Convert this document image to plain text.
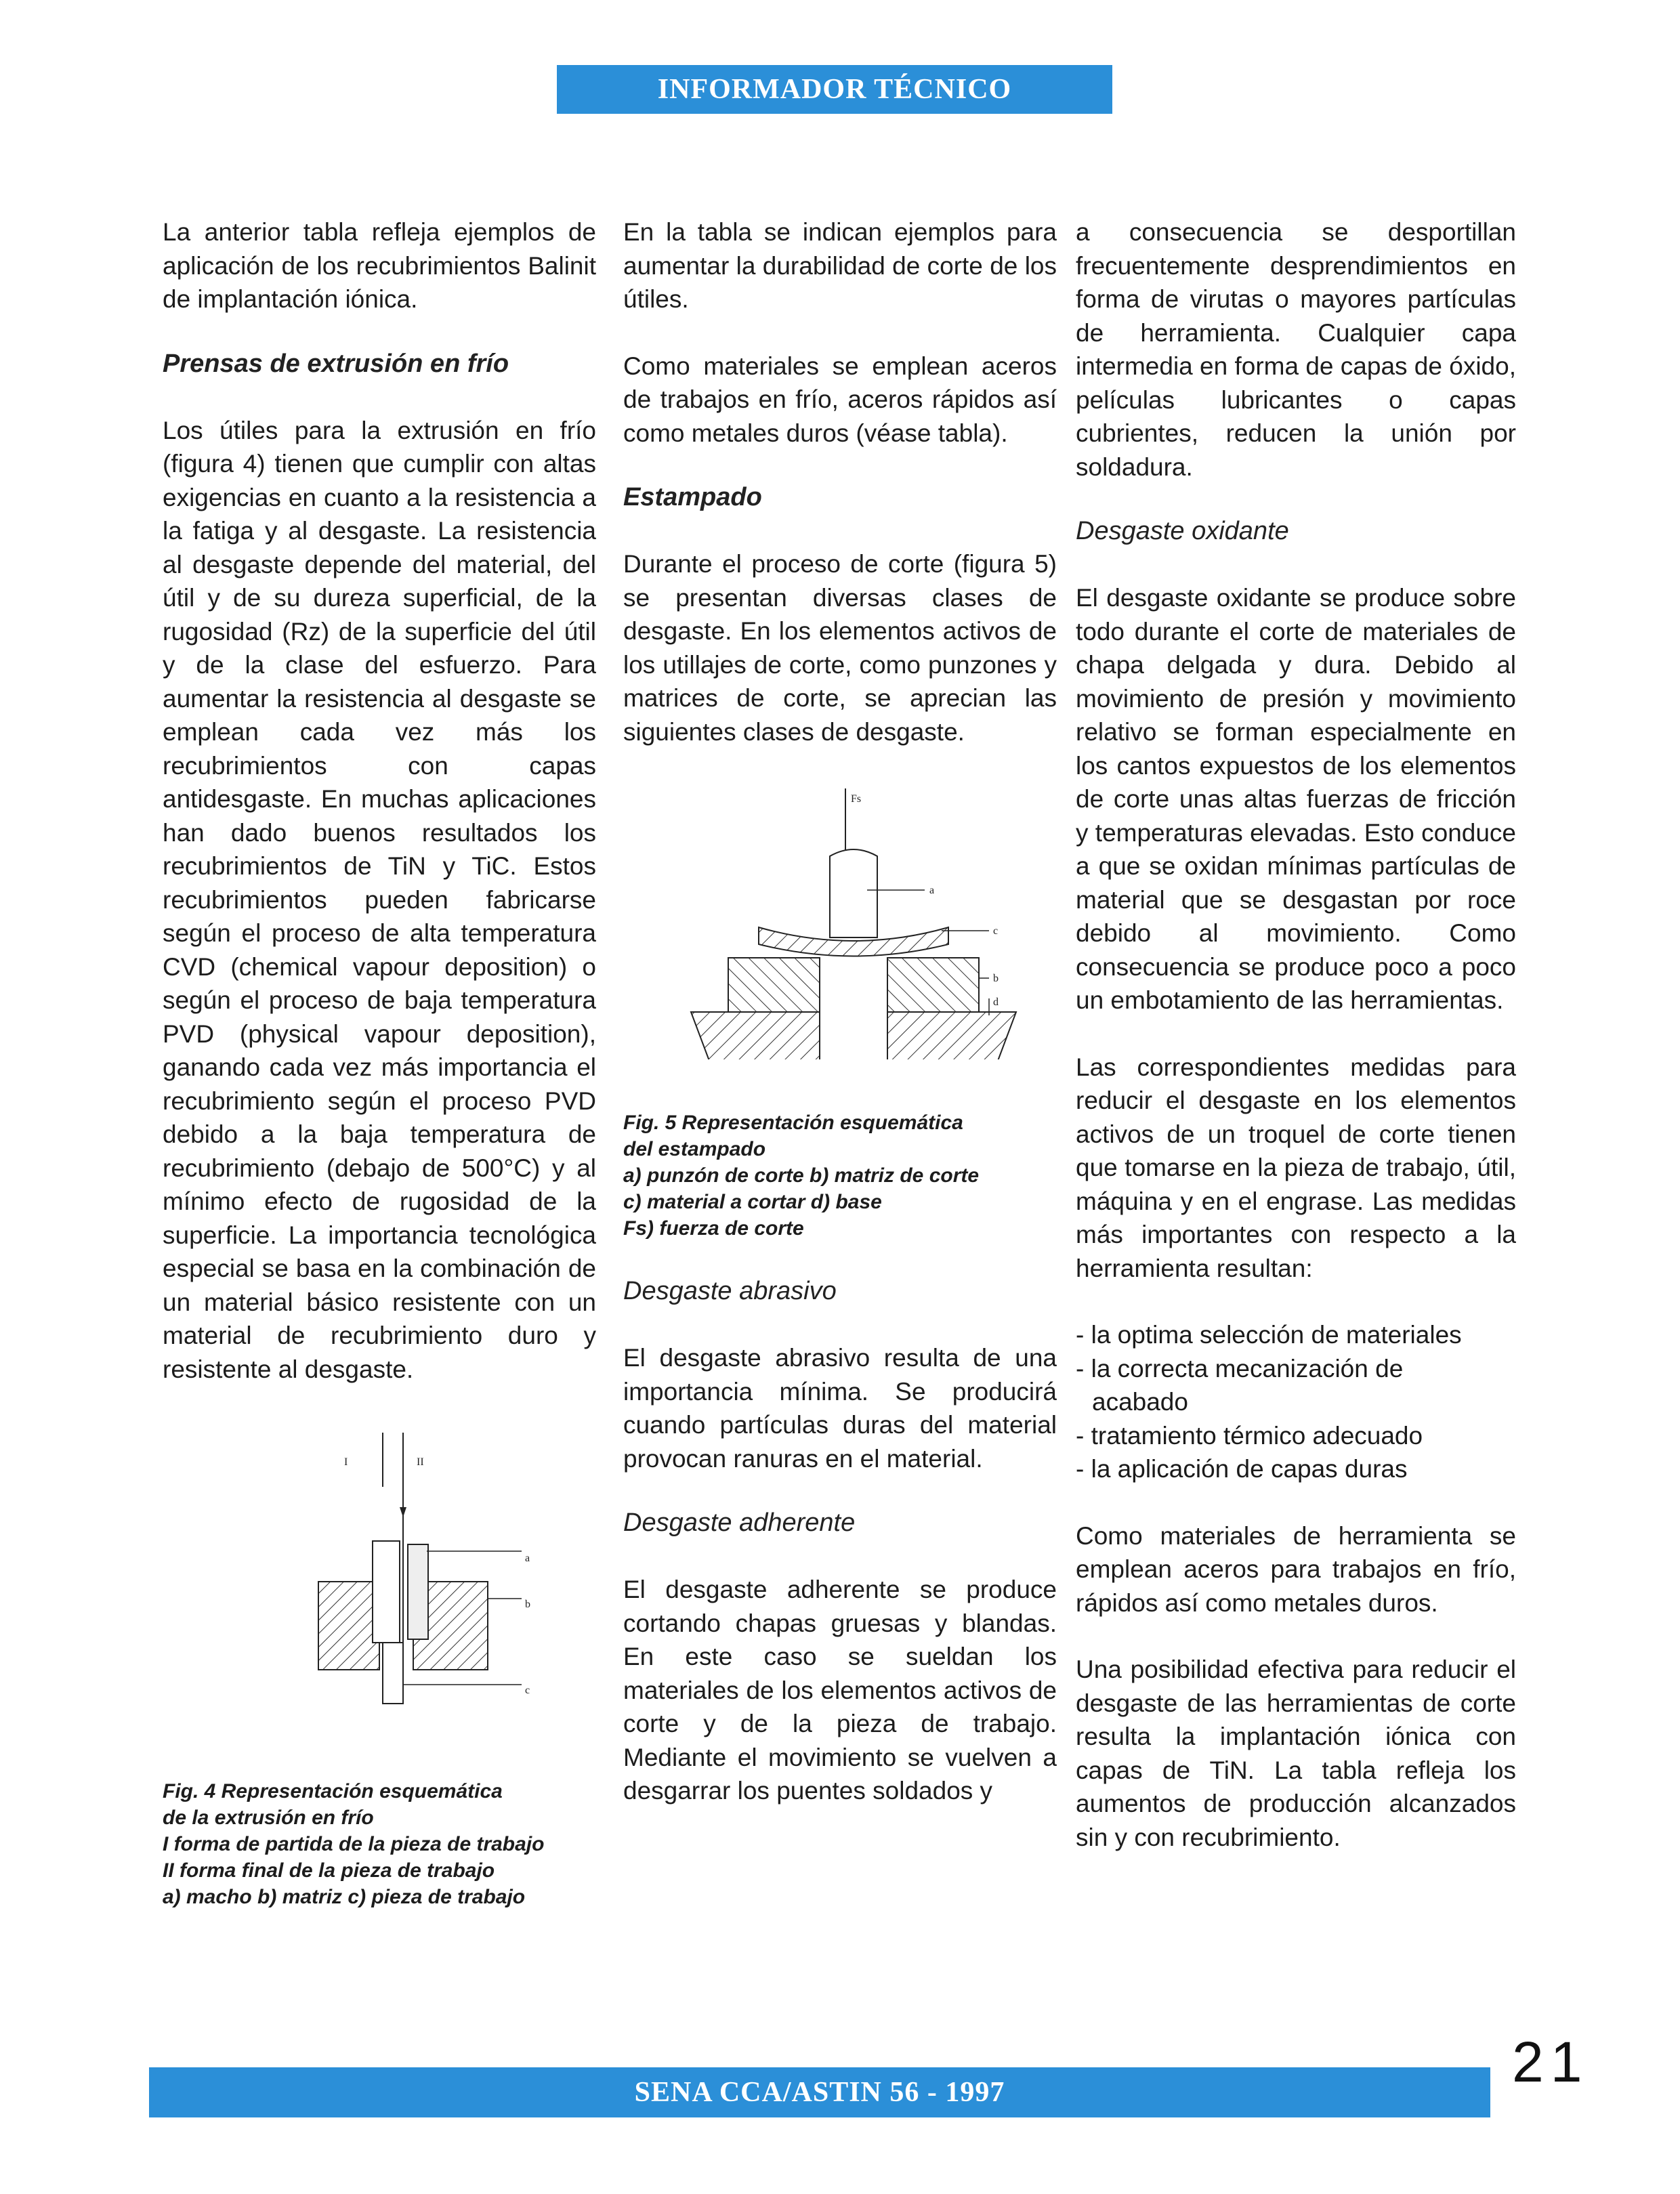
INFORMADOR TÉCNICO

La anterior tabla refleja ejemplos de aplicación de los recubrimientos Balinit de implantación iónica.

Prensas de extrusión en frío

Los útiles para la extrusión en frío (figura 4) tienen que cumplir con altas exigencias en cuanto a la resistencia a la fatiga y al desgaste. La resistencia al desgaste depende del material, del útil y de su dureza superficial, de la rugosidad (Rz) de la superficie del útil y de la clase del esfuerzo. Para aumentar la resistencia al desgaste se emplean cada vez más los recubrimientos con capas antidesgaste. En muchas aplicaciones han dado buenos resultados los recubrimientos de TiN y TiC. Estos recubrimientos pueden fabricarse según el proceso de alta temperatura CVD (chemical vapour deposition) o según el proceso de baja temperatura PVD (physical vapour deposition), ganando cada vez más importancia el recubrimiento según el proceso PVD debido a la baja temperatura de recubrimiento (debajo de 500°C) y al mínimo efecto de rugosidad de la superficie. La importancia tecnológica especial se basa en la combinación de un material básico resistente con un material de recubrimiento duro y resistente al desgaste.

I	II
a
b
c

Fig. 4 Representación esquemática

de la extrusión en frío

I forma de partida de la pieza de trabajo

II forma final de la pieza de trabajo

a) macho b) matriz c) pieza de trabajo

En la tabla se indican ejemplos para aumentar la durabilidad de corte de los útiles.

Como materiales se emplean aceros de trabajos en frío, aceros rápidos así como metales duros (véase tabla).

Estampado

Durante el proceso de corte (figura 5) se presentan diversas clases de desgaste. En los elementos activos de los utillajes de corte, como punzones y matrices de corte, se aprecian las siguientes clases de desgaste.

Fs
a
c
b
d

Fig. 5 Representación esquemática

del estampado

a) punzón de corte b) matriz de corte

c) material a cortar d) base

Fs) fuerza de corte

Desgaste abrasivo

El desgaste abrasivo resulta de una importancia mínima. Se producirá cuando partículas duras del material provocan ranuras en el material.

Desgaste adherente

El desgaste adherente se produce cortando chapas gruesas y blandas. En este caso se sueldan los materiales de los elementos activos de corte y de la pieza de trabajo. Mediante el movimiento se vuelven a desgarrar los puentes soldados y

a consecuencia se desportillan frecuentemente desprendimientos en forma de virutas o mayores partículas de herramienta. Cualquier capa intermedia en forma de capas de óxido, películas lubricantes o capas cubrientes, reducen la unión por soldadura.

Desgaste oxidante

El desgaste oxidante se produce sobre todo durante el corte de materiales de chapa delgada y dura. Debido al movimiento de presión y movimiento relativo se forman especialmente en los cantos expuestos de los elementos de corte unas altas fuerzas de fricción y temperaturas elevadas. Esto conduce a que se oxidan mínimas partículas de material que se desgastan por roce debido al movimiento. Como consecuencia se produce poco a poco un embotamiento de las herramientas.

Las correspondientes medidas para reducir el desgaste en los elementos activos de un troquel de corte tienen que tomarse en la pieza de trabajo, útil, máquina y en el engrase. Las medidas más importantes con respecto a la herramienta resultan:

- la optima selección de materiales
- la correcta mecanización de
acabado
- tratamiento térmico adecuado
- la aplicación de capas duras

Como materiales de herramienta se emplean aceros para trabajos en frío, rápidos así como metales duros.

Una posibilidad efectiva para reducir el desgaste de las herramientas de corte resulta la implantación iónica con capas de TiN. La tabla refleja los aumentos de producción alcanzados sin y con recubrimiento.

SENA CCA/ASTIN 56 - 1997	21
